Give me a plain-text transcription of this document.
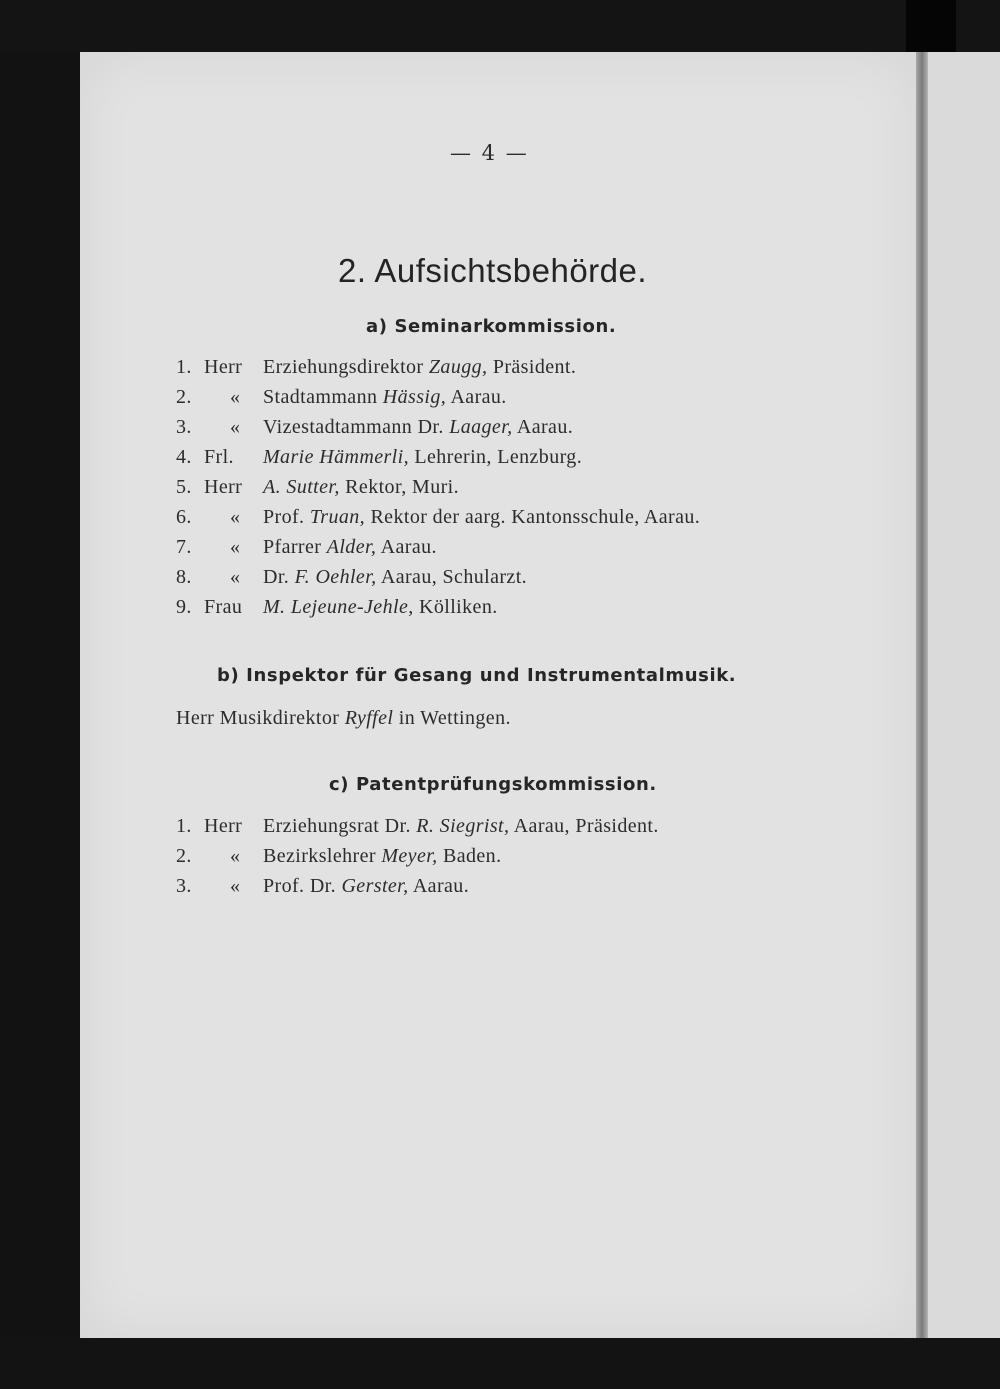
— 4 —
2. Aufsichtsbehörde.
a) Seminarkommission.
1. Herr Erziehungsdirektor Zaugg, Präsident.
2. « Stadtammann Hässig, Aarau.
3. « Vizestadtammann Dr. Laager, Aarau.
4. Frl. Marie Hämmerli, Lehrerin, Lenzburg.
5. Herr A. Sutter, Rektor, Muri.
6. « Prof. Truan, Rektor der aarg. Kantonsschule, Aarau.
7. « Pfarrer Alder, Aarau.
8. « Dr. F. Oehler, Aarau, Schularzt.
9. Frau M. Lejeune-Jehle, Kölliken.
b) Inspektor für Gesang und Instrumentalmusik.
Herr Musikdirektor Ryffel in Wettingen.
c) Patentprüfungskommission.
1. Herr Erziehungsrat Dr. R. Siegrist, Aarau, Präsident.
2. « Bezirkslehrer Meyer, Baden.
3. « Prof. Dr. Gerster, Aarau.
